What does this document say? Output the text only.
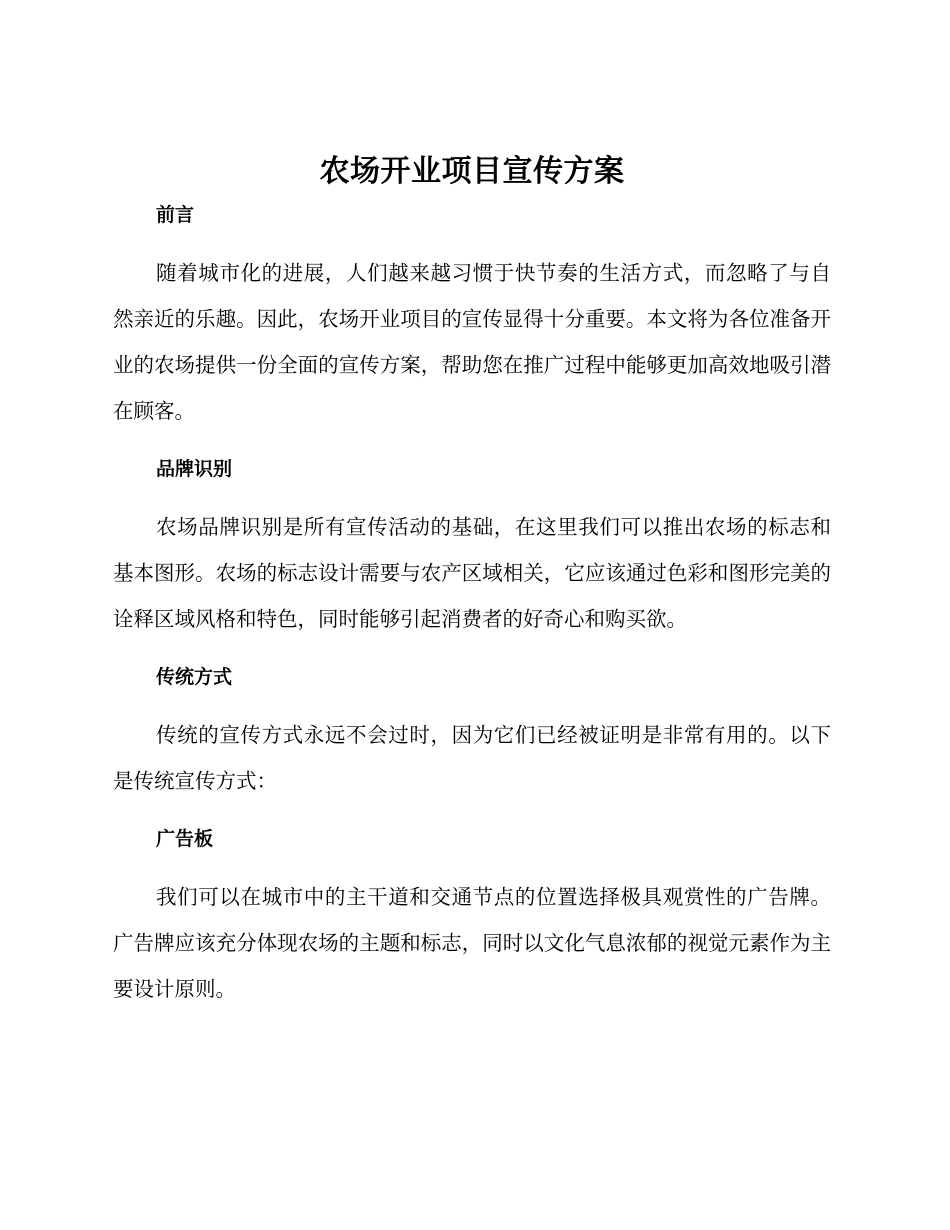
农场开业项目宣传方案
前言

随着城市化的进展，人们越来越习惯于快节奏的生活方式，而忽略了与自然亲近的乐趣。因此，农场开业项目的宣传显得十分重要。本文将为各位准备开业的农场提供一份全面的宣传方案，帮助您在推广过程中能够更加高效地吸引潜在顾客。

品牌识别

农场品牌识别是所有宣传活动的基础，在这里我们可以推出农场的标志和基本图形。农场的标志设计需要与农产区域相关，它应该通过色彩和图形完美的诠释区域风格和特色，同时能够引起消费者的好奇心和购买欲。

传统方式

传统的宣传方式永远不会过时，因为它们已经被证明是非常有用的。以下是传统宣传方式：

广告板

我们可以在城市中的主干道和交通节点的位置选择极具观赏性的广告牌。广告牌应该充分体现农场的主题和标志，同时以文化气息浓郁的视觉元素作为主要设计原则。
